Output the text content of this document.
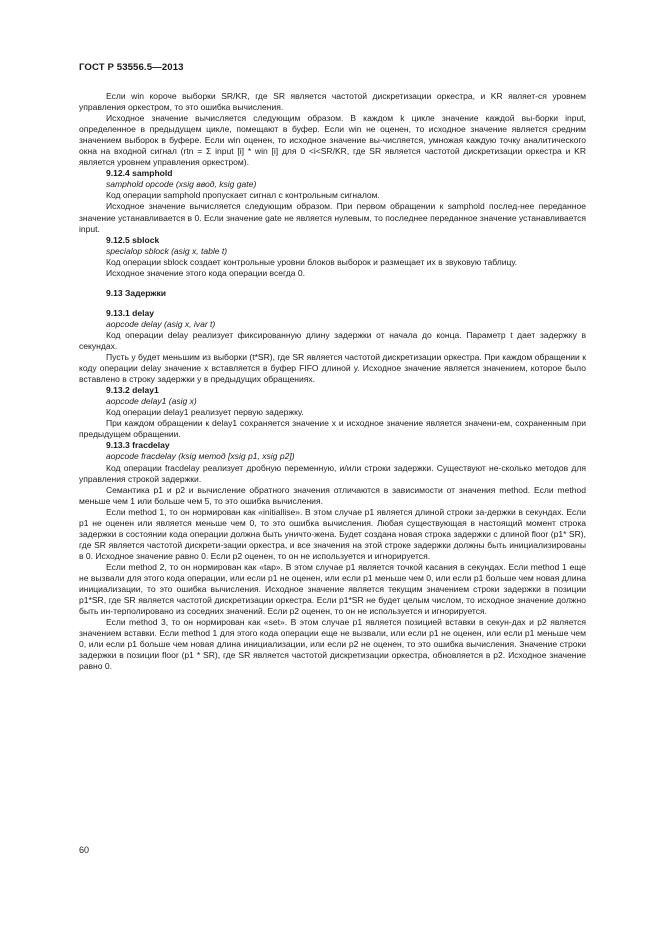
ГОСТ Р 53556.5—2013

Если win короче выборки SR/KR, где SR является частотой дискретизации оркестра, и KR являет-ся уровнем управления оркестром, то это ошибка вычисления.

Исходное значение вычисляется следующим образом. В каждом k цикле значение каждой вы-борки input, определенное в предыдущем цикле, помещают в буфер. Если win не оценен, то исходное значение является средним значением выборок в буфере. Если win оценен, то исходное значение вы-числяется, умножая каждую точку аналитического окна на входной сигнал (rtn = Σ input [i] * win [i] для 0 <i<SR/KR, где SR является частотой дискретизации оркестра и KR является уровнем управления оркестром).

9.12.4 samphold

samphold opcode (xsig ввод, ksig gate)

Код операции samphold пропускает сигнал с контрольным сигналом.

Исходное значение вычисляется следующим образом. При первом обращении к samphold послед-нее переданное значение устанавливается в 0. Если значение gate не является нулевым, то последнее переданное значение устанавливается input.

9.12.5 sblock

specialop sblock (asig x, table t)

Код операции sblock создает контрольные уровни блоков выборок и размещает их в звуковую таблицу.

Исходное значение этого кода операции всегда 0.

9.13 Задержки

9.13.1 delay

aopcode delay (asig x, ivar t)

Код операции delay реализует фиксированную длину задержки от начала до конца. Параметр t дает задержку в секундах.

Пусть y будет меньшим из выборки (t*SR), где SR является частотой дискретизации оркестра. При каждом обращении к коду операции delay значение x вставляется в буфер FIFO длиной y. Исходное значение является значением, которое было вставлено в строку задержки y в предыдущих обращениях.

9.13.2 delay1

aopcode delay1 (asig x)

Код операции delay1 реализует первую задержку.

При каждом обращении к delay1 сохраняется значение x и исходное значение является значени-ем, сохраненным при предыдущем обращении.

9.13.3 fracdelay

aopcode fracdelay (ksig метод [xsig p1, xsig p2])

Код операции fracdelay реализует дробную переменную, и/или строки задержки. Существуют не-сколько методов для управления строкой задержки.

Семантика p1 и p2 и вычисление обратного значения отличаются в зависимости от значения method. Если method меньше чем 1 или больше чем 5, то это ошибка вычисления.

Если method 1, то он нормирован как «initiallise». В этом случае p1 является длиной строки за-держки в секундах. Если p1 не оценен или является меньше чем 0, то это ошибка вычисления. Любая существующая в настоящий момент строка задержки в состоянии кода операции должна быть уничто-жена. Будет создана новая строка задержки с длиной floor (p1* SR), где SR является частотой дискрети-зации оркестра, и все значения на этой строке задержки должны быть инициализированы в 0. Исходное значение равно 0. Если p2 оценен, то он не используется и игнорируется.

Если method 2, то он нормирован как «tap». В этом случае p1 является точкой касания в секундах. Если method 1 еще не вызвали для этого кода операции, или если p1 не оценен, или если p1 меньше чем 0, или если p1 больше чем новая длина инициализации, то это ошибка вычисления. Исходное значение является текущим значением строки задержки в позиции p1*SR, где SR является частотой дискретизации оркестра. Если p1*SR не будет целым числом, то исходное значение должно быть ин-терполировано из соседних значений. Если p2 оценен, то он не используется и игнорируется.

Если method 3, то он нормирован как «set». В этом случае p1 является позицией вставки в секун-дах и p2 является значением вставки. Если method 1 для этого кода операции еще не вызвали, или если p1 не оценен, или если p1 меньше чем 0, или если p1 больше чем новая длина инициализации, или если p2 не оценен, то это ошибка вычисления. Значение строки задержки в позиции floor (p1 * SR), где SR является частотой дискретизации оркестра, обновляется в p2. Исходное значение равно 0.

60
